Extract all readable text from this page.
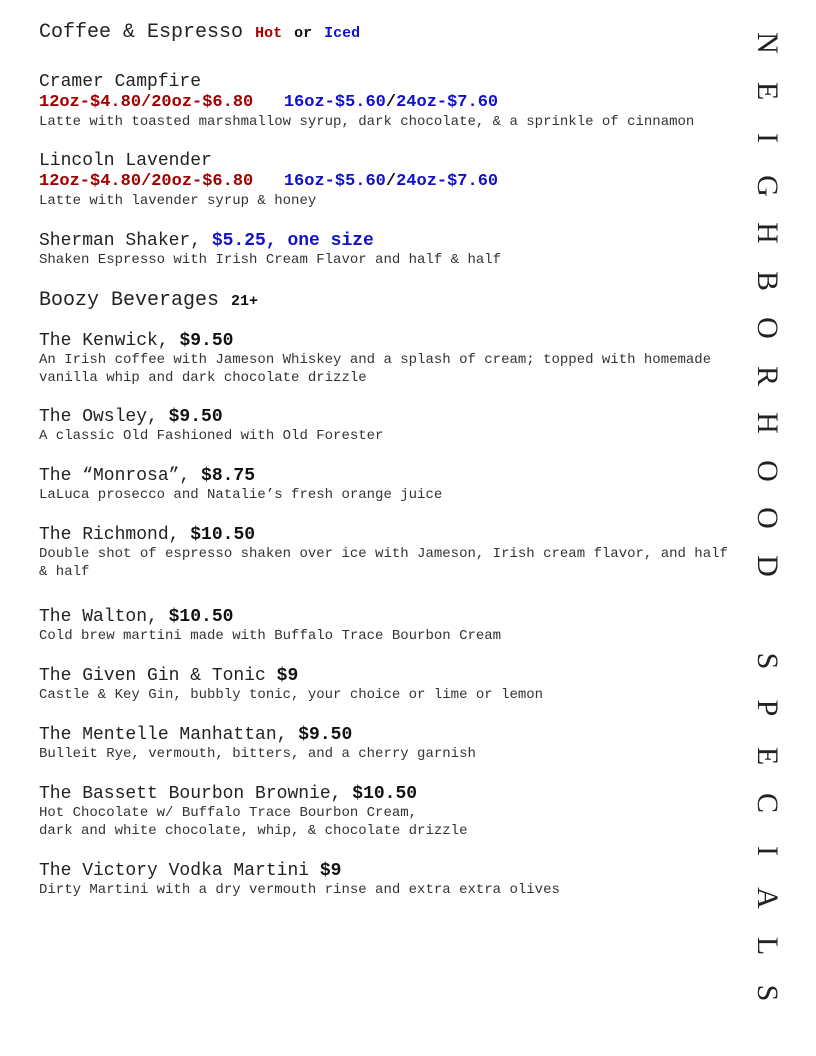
Coffee & Espresso Hot or Iced
Cramer Campfire
12oz-$4.80/20oz-$6.80 16oz-$5.60/24oz-$7.60
Latte with toasted marshmallow syrup, dark chocolate, & a sprinkle of cinnamon
Lincoln Lavender
12oz-$4.80/20oz-$6.80 16oz-$5.60/24oz-$7.60
Latte with lavender syrup & honey
Sherman Shaker, $5.25, one size
Shaken Espresso with Irish Cream Flavor and half & half
Boozy Beverages 21+
The Kenwick, $9.50
An Irish coffee with Jameson Whiskey and a splash of cream; topped with homemade vanilla whip and dark chocolate drizzle
The Owsley, $9.50
A classic Old Fashioned with Old Forester
The “Monrosa”, $8.75
LaLuca prosecco and Natalie’s fresh orange juice
The Richmond, $10.50
Double shot of espresso shaken over ice with Jameson, Irish cream flavor, and half & half
The Walton, $10.50
Cold brew martini made with Buffalo Trace Bourbon Cream
The Given Gin & Tonic $9
Castle & Key Gin, bubbly tonic, your choice or lime or lemon
The Mentelle Manhattan, $9.50
Bulleit Rye, vermouth, bitters, and a cherry garnish
The Bassett Bourbon Brownie, $10.50
Hot Chocolate w/ Buffalo Trace Bourbon Cream,
dark and white chocolate, whip, & chocolate drizzle
The Victory Vodka Martini $9
Dirty Martini with a dry vermouth rinse and extra extra olives
N
E
I
G
H
B
O
R
H
O
O
D
S
P
E
C
I
A
L
S
